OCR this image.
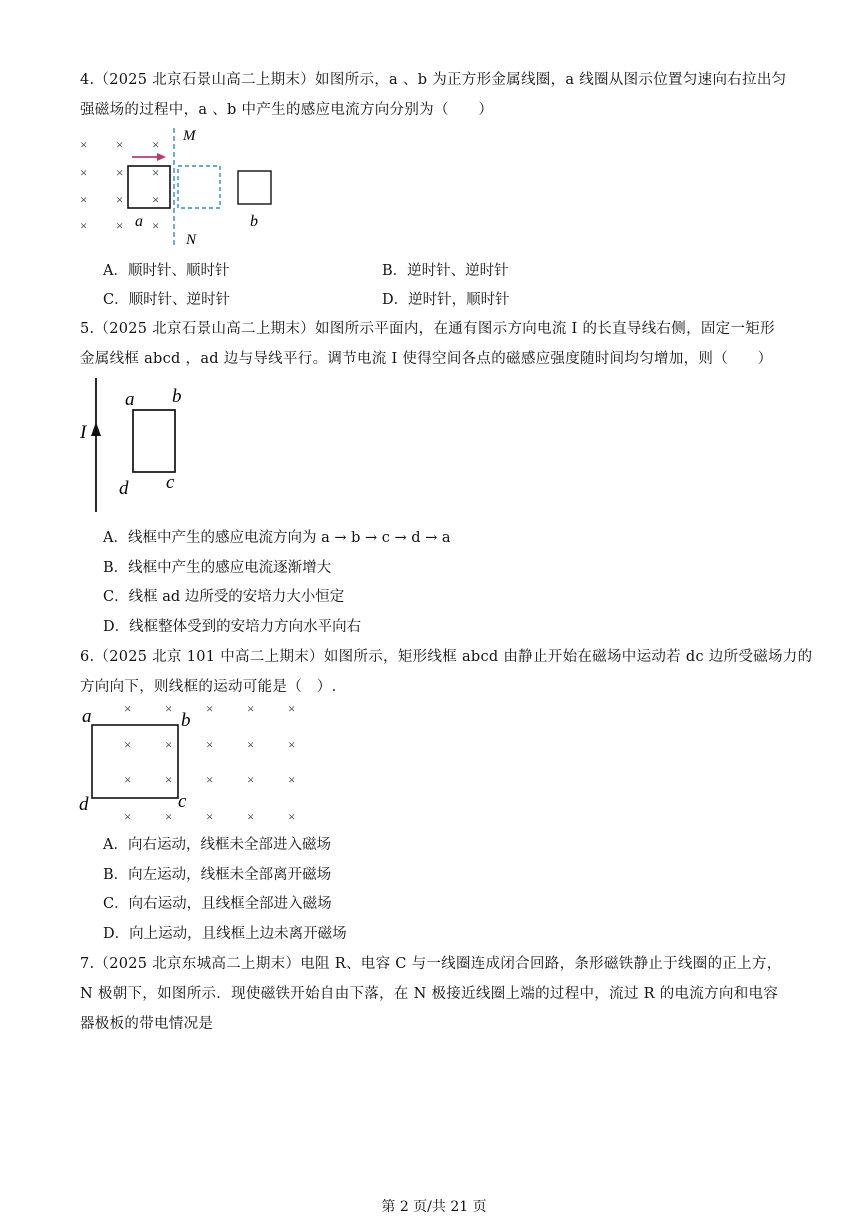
4.（2025 北京石景山高二上期末）如图所示，a 、b 为正方形金属线圈，a 线圈从图示位置匀速向右拉出匀
强磁场的过程中，a 、b 中产生的感应电流方向分别为（　　）
× × ×
× × ×
× × ×
× × ×
M
N
a	b
A．顺时针、顺时针	B．逆时针、逆时针
C．顺时针、逆时针	D．逆时针，顺时针
5.（2025 北京石景山高二上期末）如图所示平面内，在通有图示方向电流 I 的长直导线右侧，固定一矩形
金属线框 abcd ，ad 边与导线平行。调节电流 I 使得空间各点的磁感应强度随时间均匀增加，则（　　）
I
a b
c
d
A．线框中产生的感应电流方向为 a → b → c → d → a
B．线框中产生的感应电流逐渐增大
C．线框 ad 边所受的安培力大小恒定
D．线框整体受到的安培力方向水平向右
6.（2025 北京 101 中高二上期末）如图所示，矩形线框 abcd 由静止开始在磁场中运动若 dc 边所受磁场力的
方向向下，则线框的运动可能是（　）.
×	×	×	×	×
×	×	×	×	×
×	×	×	×	×
×	×	×	×	×
a	b
c
d
A．向右运动，线框未全部进入磁场
B．向左运动，线框未全部离开磁场
C．向右运动，且线框全部进入磁场
D．向上运动，且线框上边未离开磁场
7.（2025 北京东城高二上期末）电阻 R、电容 C 与一线圈连成闭合回路，条形磁铁静止于线圈的正上方，
N 极朝下，如图所示．现使磁铁开始自由下落，在 N 极接近线圈上端的过程中，流过 R 的电流方向和电容
器极板的带电情况是
第 2 页/共 21 页
